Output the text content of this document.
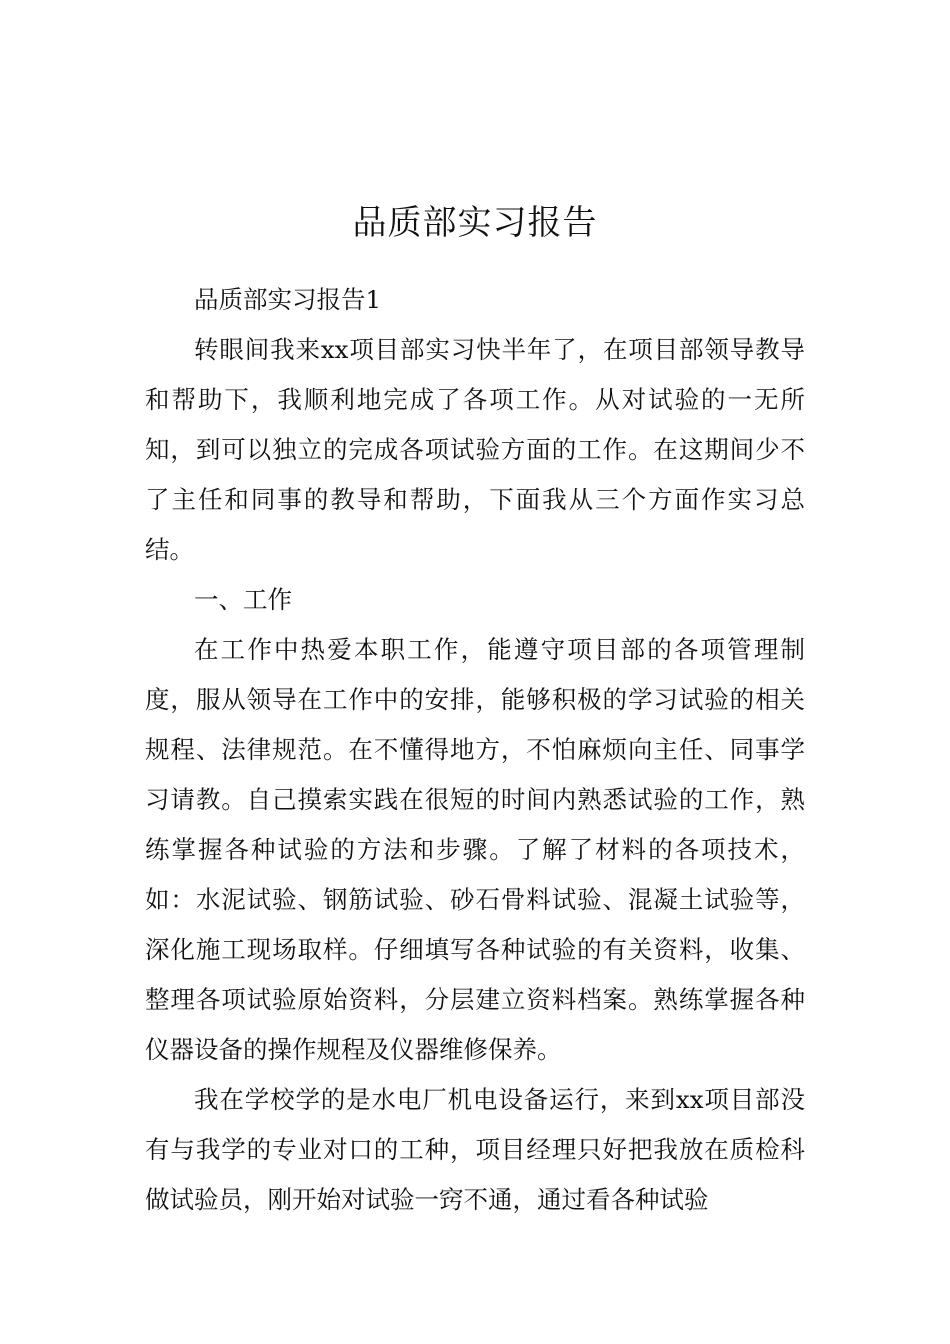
品质部实习报告

品质部实习报告1

转眼间我来xx项目部实习快半年了，在项目部领导教导和帮助下，我顺利地完成了各项工作。从对试验的一无所知，到可以独立的完成各项试验方面的工作。在这期间少不了主任和同事的教导和帮助，下面我从三个方面作实习总结。

一、工作

在工作中热爱本职工作，能遵守项目部的各项管理制度，服从领导在工作中的安排，能够积极的学习试验的相关规程、法律规范。在不懂得地方，不怕麻烦向主任、同事学习请教。自己摸索实践在很短的时间内熟悉试验的工作，熟练掌握各种试验的方法和步骤。了解了材料的各项技术，如：水泥试验、钢筋试验、砂石骨料试验、混凝土试验等，深化施工现场取样。仔细填写各种试验的有关资料，收集、整理各项试验原始资料，分层建立资料档案。熟练掌握各种仪器设备的操作规程及仪器维修保养。

我在学校学的是水电厂机电设备运行，来到xx项目部没有与我学的专业对口的工种，项目经理只好把我放在质检科做试验员，刚开始对试验一窍不通，通过看各种试验
